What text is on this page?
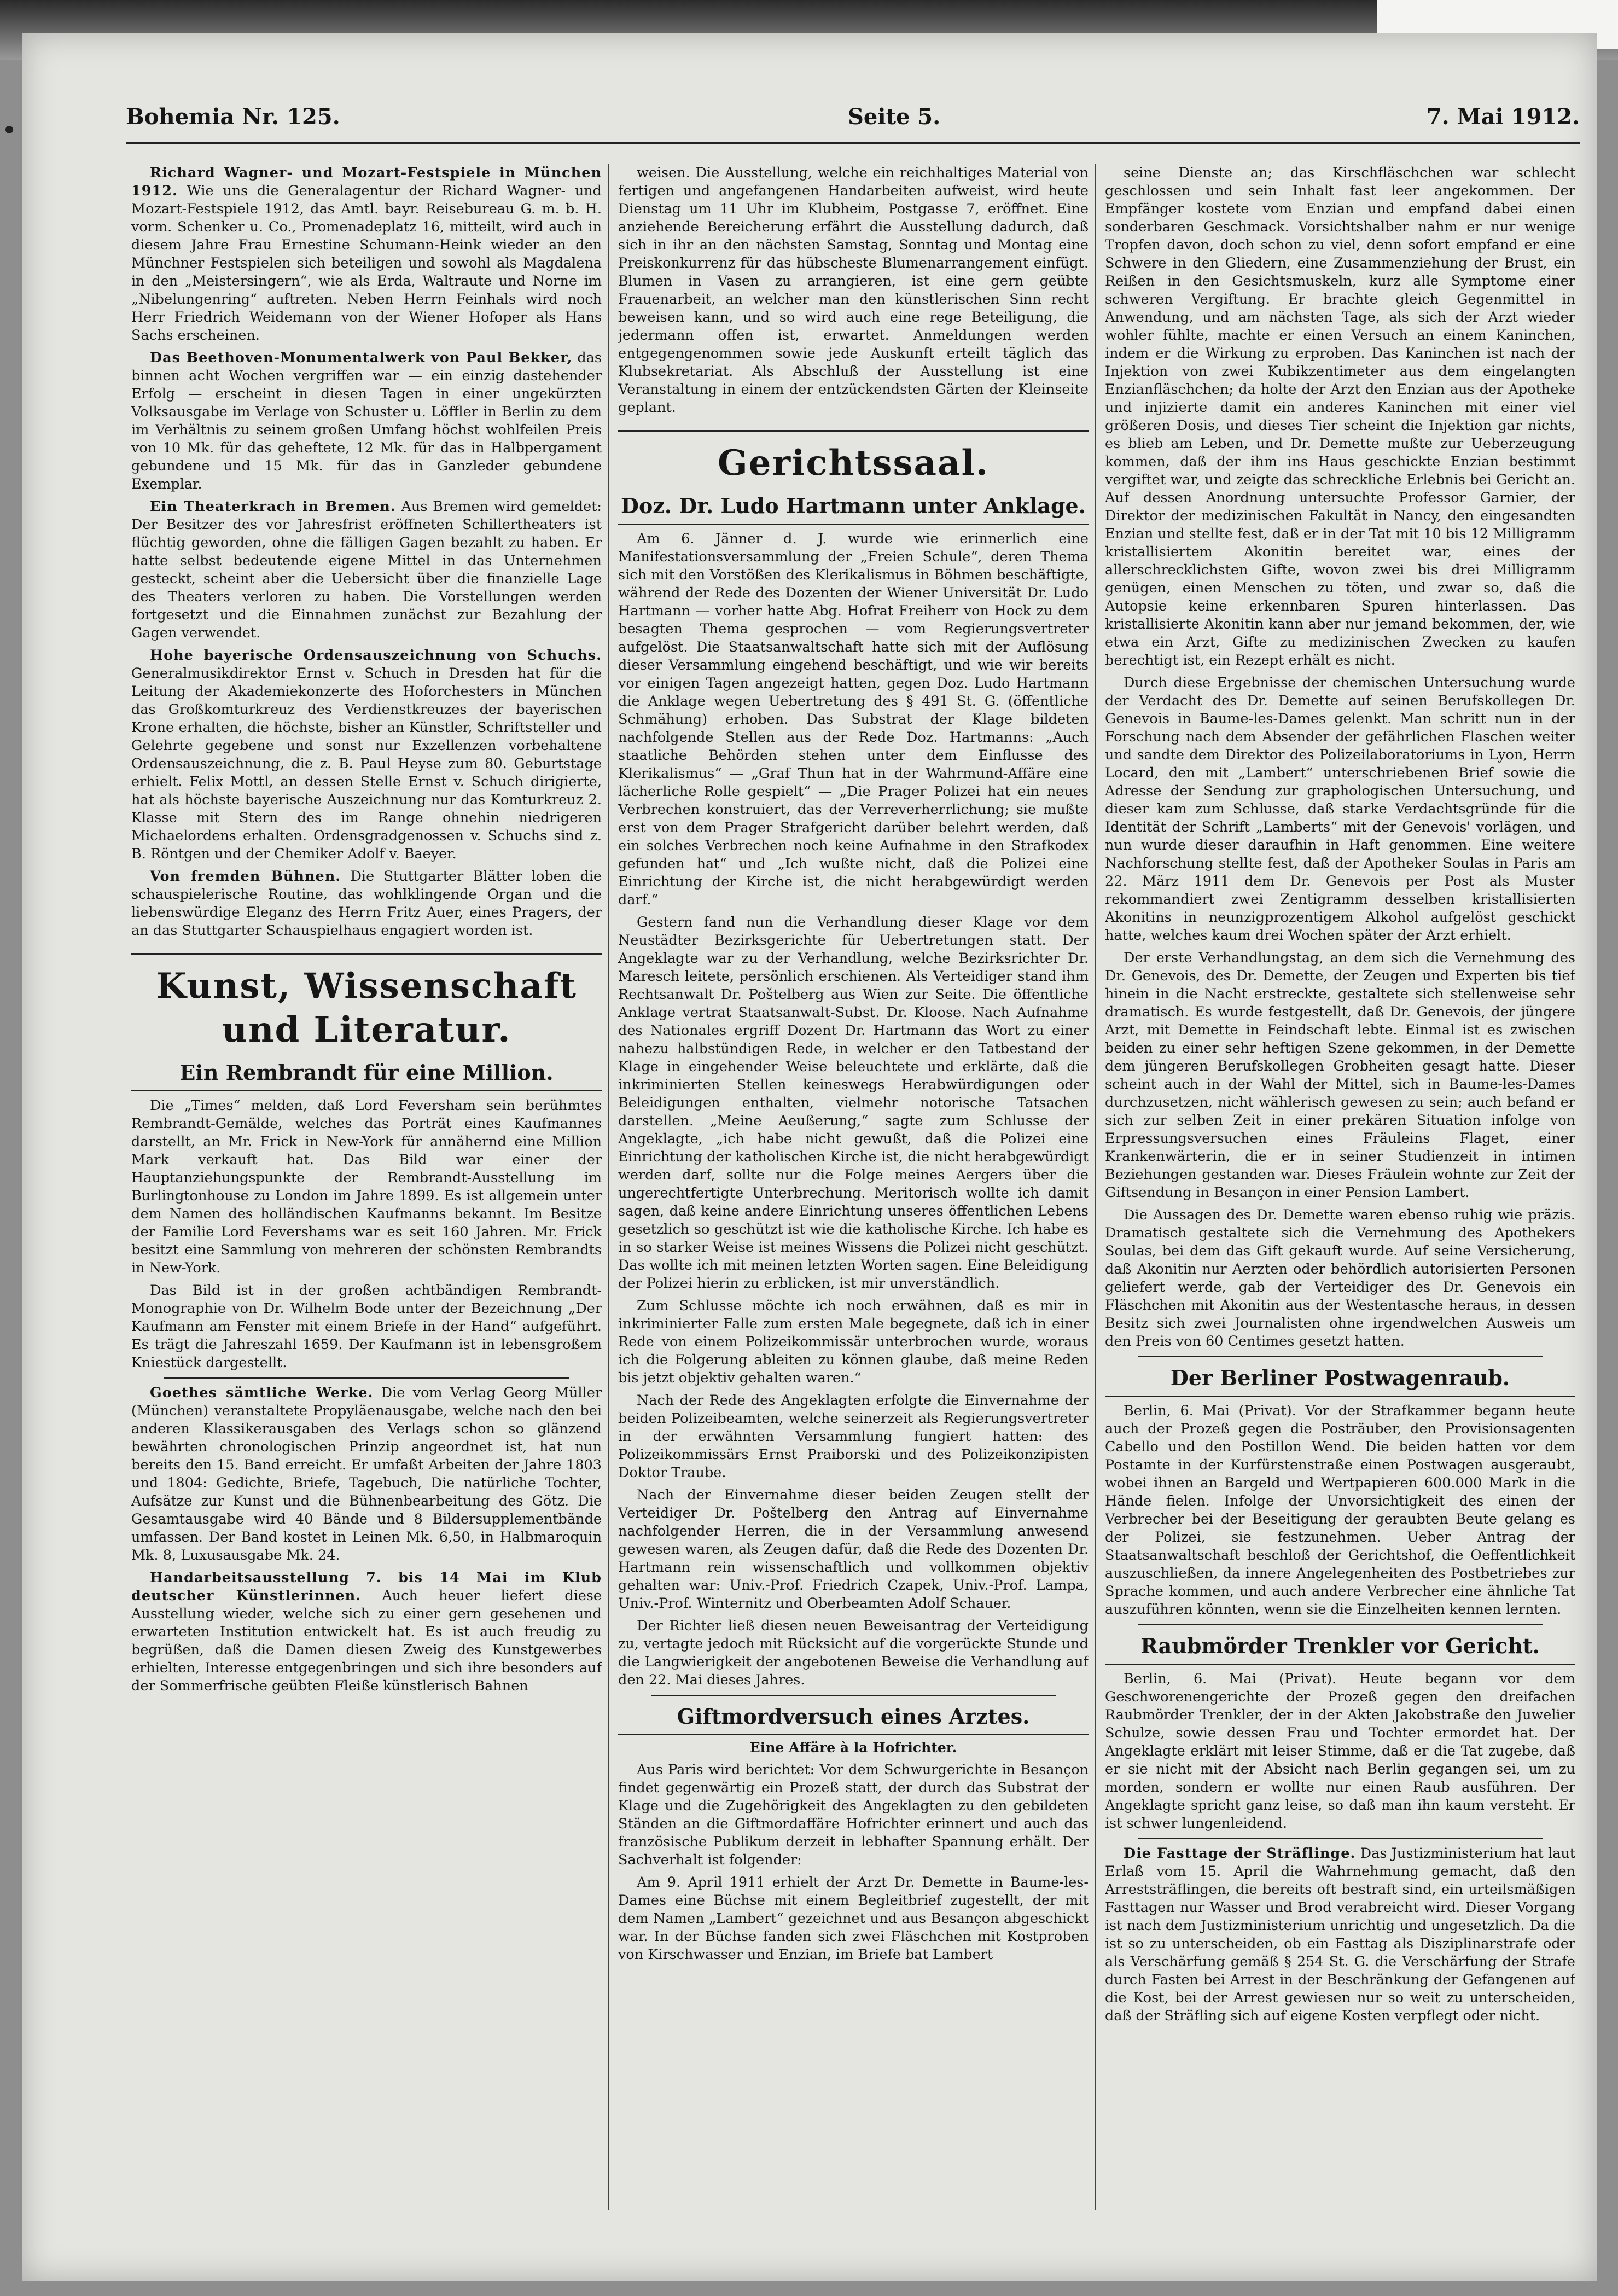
Bohemia Nr. 125.	Seite 5.	7. Mai 1912.

Richard Wagner- und Mozart-Festspiele in München 1912. Wie uns die Generalagentur der Richard Wagner- und Mozart-Festspiele 1912, das Amtl. bayr. Reisebureau G. m. b. H. vorm. Schenker u. Co., Promenadeplatz 16, mitteilt, wird auch in diesem Jahre Frau Ernestine Schumann-Heink wieder an den Münchner Festspielen sich beteiligen und sowohl als Magdalena in den „Meistersingern“, wie als Erda, Waltraute und Norne im „Nibelungenring“ auftreten. Neben Herrn Feinhals wird noch Herr Friedrich Weidemann von der Wiener Hofoper als Hans Sachs erscheinen.

Das Beethoven-Monumentalwerk von Paul Bekker, das binnen acht Wochen vergriffen war — ein einzig dastehender Erfolg — erscheint in diesen Tagen in einer ungekürzten Volksausgabe im Verlage von Schuster u. Löffler in Berlin zu dem im Verhältnis zu seinem großen Umfang höchst wohlfeilen Preis von 10 Mk. für das geheftete, 12 Mk. für das in Halbpergament gebundene und 15 Mk. für das in Ganzleder gebundene Exemplar.

Ein Theaterkrach in Bremen. Aus Bremen wird gemeldet: Der Besitzer des vor Jahresfrist eröffneten Schillertheaters ist flüchtig geworden, ohne die fälligen Gagen bezahlt zu haben. Er hatte selbst bedeutende eigene Mittel in das Unternehmen gesteckt, scheint aber die Uebersicht über die finanzielle Lage des Theaters verloren zu haben. Die Vorstellungen werden fortgesetzt und die Einnahmen zunächst zur Bezahlung der Gagen verwendet.

Hohe bayerische Ordensauszeichnung von Schuchs. Generalmusikdirektor Ernst v. Schuch in Dresden hat für die Leitung der Akademiekonzerte des Hoforchesters in München das Großkomturkreuz des Verdienstkreuzes der bayerischen Krone erhalten, die höchste, bisher an Künstler, Schriftsteller und Gelehrte gegebene und sonst nur Exzellenzen vorbehaltene Ordensauszeichnung, die z. B. Paul Heyse zum 80. Geburtstage erhielt. Felix Mottl, an dessen Stelle Ernst v. Schuch dirigierte, hat als höchste bayerische Auszeichnung nur das Komturkreuz 2. Klasse mit Stern des im Range ohnehin niedrigeren Michaelordens erhalten. Ordensgradgenossen v. Schuchs sind z. B. Röntgen und der Chemiker Adolf v. Baeyer.

Von fremden Bühnen. Die Stuttgarter Blätter loben die schauspielerische Routine, das wohlklingende Organ und die liebenswürdige Eleganz des Herrn Fritz Auer, eines Pragers, der an das Stuttgarter Schauspielhaus engagiert worden ist.

Kunst, Wissenschaft und Literatur.
Ein Rembrandt für eine Million.

Die „Times“ melden, daß Lord Feversham sein berühmtes Rembrandt-Gemälde, welches das Porträt eines Kaufmannes darstellt, an Mr. Frick in New-York für annähernd eine Million Mark verkauft hat. Das Bild war einer der Hauptanziehungspunkte der Rembrandt-Ausstellung im Burlingtonhouse zu London im Jahre 1899. Es ist allgemein unter dem Namen des holländischen Kaufmanns bekannt. Im Besitze der Familie Lord Fevershams war es seit 160 Jahren. Mr. Frick besitzt eine Sammlung von mehreren der schönsten Rembrandts in New-York.

Das Bild ist in der großen achtbändigen Rembrandt-Monographie von Dr. Wilhelm Bode unter der Bezeichnung „Der Kaufmann am Fenster mit einem Briefe in der Hand“ aufgeführt. Es trägt die Jahreszahl 1659. Der Kaufmann ist in lebensgroßem Kniestück dargestellt.

Goethes sämtliche Werke. Die vom Verlag Georg Müller (München) veranstaltete Propyläenausgabe, welche nach den bei anderen Klassikerausgaben des Verlags schon so glänzend bewährten chronologischen Prinzip angeordnet ist, hat nun bereits den 15. Band erreicht. Er umfaßt Arbeiten der Jahre 1803 und 1804: Gedichte, Briefe, Tagebuch, Die natürliche Tochter, Aufsätze zur Kunst und die Bühnenbearbeitung des Götz. Die Gesamtausgabe wird 40 Bände und 8 Bildersupplementbände umfassen. Der Band kostet in Leinen Mk. 6,50, in Halbmaroquin Mk. 8, Luxusausgabe Mk. 24.

Handarbeitsausstellung 7. bis 14 Mai im Klub deutscher Künstlerinnen. Auch heuer liefert diese Ausstellung wieder, welche sich zu einer gern gesehenen und erwarteten Institution entwickelt hat. Es ist auch freudig zu begrüßen, daß die Damen diesen Zweig des Kunstgewerbes erhielten, Interesse entgegenbringen und sich ihre besonders auf der Sommerfrische geübten Fleiße künstlerisch Bahnen

weisen. Die Ausstellung, welche ein reichhaltiges Material von fertigen und angefangenen Handarbeiten aufweist, wird heute Dienstag um 11 Uhr im Klubheim, Postgasse 7, eröffnet. Eine anziehende Bereicherung erfährt die Ausstellung dadurch, daß sich in ihr an den nächsten Samstag, Sonntag und Montag eine Preiskonkurrenz für das hübscheste Blumenarrangement einfügt. Blumen in Vasen zu arrangieren, ist eine gern geübte Frauenarbeit, an welcher man den künstlerischen Sinn recht beweisen kann, und so wird auch eine rege Beteiligung, die jedermann offen ist, erwartet. Anmeldungen werden entgegengenommen sowie jede Auskunft erteilt täglich das Klubsekretariat. Als Abschluß der Ausstellung ist eine Veranstaltung in einem der entzückendsten Gärten der Kleinseite geplant.

Gerichtssaal.
Doz. Dr. Ludo Hartmann unter Anklage.

Am 6. Jänner d. J. wurde wie erinnerlich eine Manifestationsversammlung der „Freien Schule“, deren Thema sich mit den Vorstößen des Klerikalismus in Böhmen beschäftigte, während der Rede des Dozenten der Wiener Universität Dr. Ludo Hartmann — vorher hatte Abg. Hofrat Freiherr von Hock zu dem besagten Thema gesprochen — vom Regierungsvertreter aufgelöst. Die Staatsanwaltschaft hatte sich mit der Auflösung dieser Versammlung eingehend beschäftigt, und wie wir bereits vor einigen Tagen angezeigt hatten, gegen Doz. Ludo Hartmann die Anklage wegen Uebertretung des § 491 St. G. (öffentliche Schmähung) erhoben. Das Substrat der Klage bildeten nachfolgende Stellen aus der Rede Doz. Hartmanns: „Auch staatliche Behörden stehen unter dem Einflusse des Klerikalismus“ — „Graf Thun hat in der Wahrmund-Affäre eine lächerliche Rolle gespielt“ — „Die Prager Polizei hat ein neues Verbrechen konstruiert, das der Verreverherrlichung; sie mußte erst von dem Prager Strafgericht darüber belehrt werden, daß ein solches Verbrechen noch keine Aufnahme in den Strafkodex gefunden hat“ und „Ich wußte nicht, daß die Polizei eine Einrichtung der Kirche ist, die nicht herabgewürdigt werden darf.“

Gestern fand nun die Verhandlung dieser Klage vor dem Neustädter Bezirksgerichte für Uebertretungen statt. Der Angeklagte war zu der Verhandlung, welche Bezirksrichter Dr. Maresch leitete, persönlich erschienen. Als Verteidiger stand ihm Rechtsanwalt Dr. Poštelberg aus Wien zur Seite. Die öffentliche Anklage vertrat Staatsanwalt-Subst. Dr. Kloose. Nach Aufnahme des Nationales ergriff Dozent Dr. Hartmann das Wort zu einer nahezu halbstündigen Rede, in welcher er den Tatbestand der Klage in eingehender Weise beleuchtete und erklärte, daß die inkriminierten Stellen keineswegs Herabwürdigungen oder Beleidigungen enthalten, vielmehr notorische Tatsachen darstellen. „Meine Aeußerung,“ sagte zum Schlusse der Angeklagte, „ich habe nicht gewußt, daß die Polizei eine Einrichtung der katholischen Kirche ist, die nicht herabgewürdigt werden darf, sollte nur die Folge meines Aergers über die ungerechtfertigte Unterbrechung. Meritorisch wollte ich damit sagen, daß keine andere Einrichtung unseres öffentlichen Lebens gesetzlich so geschützt ist wie die katholische Kirche. Ich habe es in so starker Weise ist meines Wissens die Polizei nicht geschützt. Das wollte ich mit meinen letzten Worten sagen. Eine Beleidigung der Polizei hierin zu erblicken, ist mir unverständlich.

Zum Schlusse möchte ich noch erwähnen, daß es mir in inkriminierter Falle zum ersten Male begegnete, daß ich in einer Rede von einem Polizeikommissär unterbrochen wurde, woraus ich die Folgerung ableiten zu können glaube, daß meine Reden bis jetzt objektiv gehalten waren.“

Nach der Rede des Angeklagten erfolgte die Einvernahme der beiden Polizeibeamten, welche seinerzeit als Regierungsvertreter in der erwähnten Versammlung fungiert hatten: des Polizeikommissärs Ernst Praiborski und des Polizeikonzipisten Doktor Traube.

Nach der Einvernahme dieser beiden Zeugen stellt der Verteidiger Dr. Poštelberg den Antrag auf Einvernahme nachfolgender Herren, die in der Versammlung anwesend gewesen waren, als Zeugen dafür, daß die Rede des Dozenten Dr. Hartmann rein wissenschaftlich und vollkommen objektiv gehalten war: Univ.-Prof. Friedrich Czapek, Univ.-Prof. Lampa, Univ.-Prof. Winternitz und Oberbeamten Adolf Schauer.

Der Richter ließ diesen neuen Beweisantrag der Verteidigung zu, vertagte jedoch mit Rücksicht auf die vorgerückte Stunde und die Langwierigkeit der angebotenen Beweise die Verhandlung auf den 22. Mai dieses Jahres.

Giftmordversuch eines Arztes.
Eine Affäre à la Hofrichter.

Aus Paris wird berichtet: Vor dem Schwurgerichte in Besançon findet gegenwärtig ein Prozeß statt, der durch das Substrat der Klage und die Zugehörigkeit des Angeklagten zu den gebildeten Ständen an die Giftmordaffäre Hofrichter erinnert und auch das französische Publikum derzeit in lebhafter Spannung erhält. Der Sachverhalt ist folgender:

Am 9. April 1911 erhielt der Arzt Dr. Demette in Baume-les-Dames eine Büchse mit einem Begleitbrief zugestellt, der mit dem Namen „Lambert“ gezeichnet und aus Besançon abgeschickt war. In der Büchse fanden sich zwei Fläschchen mit Kostproben von Kirschwasser und Enzian, im Briefe bat Lambert

seine Dienste an; das Kirschfläschchen war schlecht geschlossen und sein Inhalt fast leer angekommen. Der Empfänger kostete vom Enzian und empfand dabei einen sonderbaren Geschmack. Vorsichtshalber nahm er nur wenige Tropfen davon, doch schon zu viel, denn sofort empfand er eine Schwere in den Gliedern, eine Zusammenziehung der Brust, ein Reißen in den Gesichtsmuskeln, kurz alle Symptome einer schweren Vergiftung. Er brachte gleich Gegenmittel in Anwendung, und am nächsten Tage, als sich der Arzt wieder wohler fühlte, machte er einen Versuch an einem Kaninchen, indem er die Wirkung zu erproben. Das Kaninchen ist nach der Injektion von zwei Kubikzentimeter aus dem eingelangten Enzianfläschchen; da holte der Arzt den Enzian aus der Apotheke und injizierte damit ein anderes Kaninchen mit einer viel größeren Dosis, und dieses Tier scheint die Injektion gar nichts, es blieb am Leben, und Dr. Demette mußte zur Ueberzeugung kommen, daß der ihm ins Haus geschickte Enzian bestimmt vergiftet war, und zeigte das schreckliche Erlebnis bei Gericht an. Auf dessen Anordnung untersuchte Professor Garnier, der Direktor der medizinischen Fakultät in Nancy, den eingesandten Enzian und stellte fest, daß er in der Tat mit 10 bis 12 Milligramm kristallisiertem Akonitin bereitet war, eines der allerschrecklichsten Gifte, wovon zwei bis drei Milligramm genügen, einen Menschen zu töten, und zwar so, daß die Autopsie keine erkennbaren Spuren hinterlassen. Das kristallisierte Akonitin kann aber nur jemand bekommen, der, wie etwa ein Arzt, Gifte zu medizinischen Zwecken zu kaufen berechtigt ist, ein Rezept erhält es nicht.

Durch diese Ergebnisse der chemischen Untersuchung wurde der Verdacht des Dr. Demette auf seinen Berufskollegen Dr. Genevois in Baume-les-Dames gelenkt. Man schritt nun in der Forschung nach dem Absender der gefährlichen Flaschen weiter und sandte dem Direktor des Polizeilaboratoriums in Lyon, Herrn Locard, den mit „Lambert“ unterschriebenen Brief sowie die Adresse der Sendung zur graphologischen Untersuchung, und dieser kam zum Schlusse, daß starke Verdachtsgründe für die Identität der Schrift „Lamberts“ mit der Genevois' vorlägen, und nun wurde dieser daraufhin in Haft genommen. Eine weitere Nachforschung stellte fest, daß der Apotheker Soulas in Paris am 22. März 1911 dem Dr. Genevois per Post als Muster rekommandiert zwei Zentigramm desselben kristallisierten Akonitins in neunzigprozentigem Alkohol aufgelöst geschickt hatte, welches kaum drei Wochen später der Arzt erhielt.

Der erste Verhandlungstag, an dem sich die Vernehmung des Dr. Genevois, des Dr. Demette, der Zeugen und Experten bis tief hinein in die Nacht erstreckte, gestaltete sich stellenweise sehr dramatisch. Es wurde festgestellt, daß Dr. Genevois, der jüngere Arzt, mit Demette in Feindschaft lebte. Einmal ist es zwischen beiden zu einer sehr heftigen Szene gekommen, in der Demette dem jüngeren Berufskollegen Grobheiten gesagt hatte. Dieser scheint auch in der Wahl der Mittel, sich in Baume-les-Dames durchzusetzen, nicht wählerisch gewesen zu sein; auch befand er sich zur selben Zeit in einer prekären Situation infolge von Erpressungsversuchen eines Fräuleins Flaget, einer Krankenwärterin, die er in seiner Studienzeit in intimen Beziehungen gestanden war. Dieses Fräulein wohnte zur Zeit der Giftsendung in Besançon in einer Pension Lambert.

Die Aussagen des Dr. Demette waren ebenso ruhig wie präzis. Dramatisch gestaltete sich die Vernehmung des Apothekers Soulas, bei dem das Gift gekauft wurde. Auf seine Versicherung, daß Akonitin nur Aerzten oder behördlich autorisierten Personen geliefert werde, gab der Verteidiger des Dr. Genevois ein Fläschchen mit Akonitin aus der Westentasche heraus, in dessen Besitz sich zwei Journalisten ohne irgendwelchen Ausweis um den Preis von 60 Centimes gesetzt hatten.

Der Berliner Postwagenraub.

Berlin, 6. Mai (Privat). Vor der Strafkammer begann heute auch der Prozeß gegen die Posträuber, den Provisionsagenten Cabello und den Postillon Wend. Die beiden hatten vor dem Postamte in der Kurfürstenstraße einen Postwagen ausgeraubt, wobei ihnen an Bargeld und Wertpapieren 600.000 Mark in die Hände fielen. Infolge der Unvorsichtigkeit des einen der Verbrecher bei der Beseitigung der geraubten Beute gelang es der Polizei, sie festzunehmen. Ueber Antrag der Staatsanwaltschaft beschloß der Gerichtshof, die Oeffentlichkeit auszuschließen, da innere Angelegenheiten des Postbetriebes zur Sprache kommen, und auch andere Verbrecher eine ähnliche Tat auszuführen könnten, wenn sie die Einzelheiten kennen lernten.

Raubmörder Trenkler vor Gericht.

Berlin, 6. Mai (Privat). Heute begann vor dem Geschworenengerichte der Prozeß gegen den dreifachen Raubmörder Trenkler, der in der Akten Jakobstraße den Juwelier Schulze, sowie dessen Frau und Tochter ermordet hat. Der Angeklagte erklärt mit leiser Stimme, daß er die Tat zugebe, daß er sie nicht mit der Absicht nach Berlin gegangen sei, um zu morden, sondern er wollte nur einen Raub ausführen. Der Angeklagte spricht ganz leise, so daß man ihn kaum versteht. Er ist schwer lungenleidend.

Die Fasttage der Sträflinge. Das Justizministerium hat laut Erlaß vom 15. April die Wahrnehmung gemacht, daß den Arreststräflingen, die bereits oft bestraft sind, ein urteilsmäßigen Fasttagen nur Wasser und Brod verabreicht wird. Dieser Vorgang ist nach dem Justizministerium unrichtig und ungesetzlich. Da die ist so zu unterscheiden, ob ein Fasttag als Disziplinarstrafe oder als Verschärfung gemäß § 254 St. G. die Verschärfung der Strafe durch Fasten bei Arrest in der Beschränkung der Gefangenen auf die Kost, bei der Arrest gewiesen nur so weit zu unterscheiden, daß der Sträfling sich auf eigene Kosten verpflegt oder nicht.
